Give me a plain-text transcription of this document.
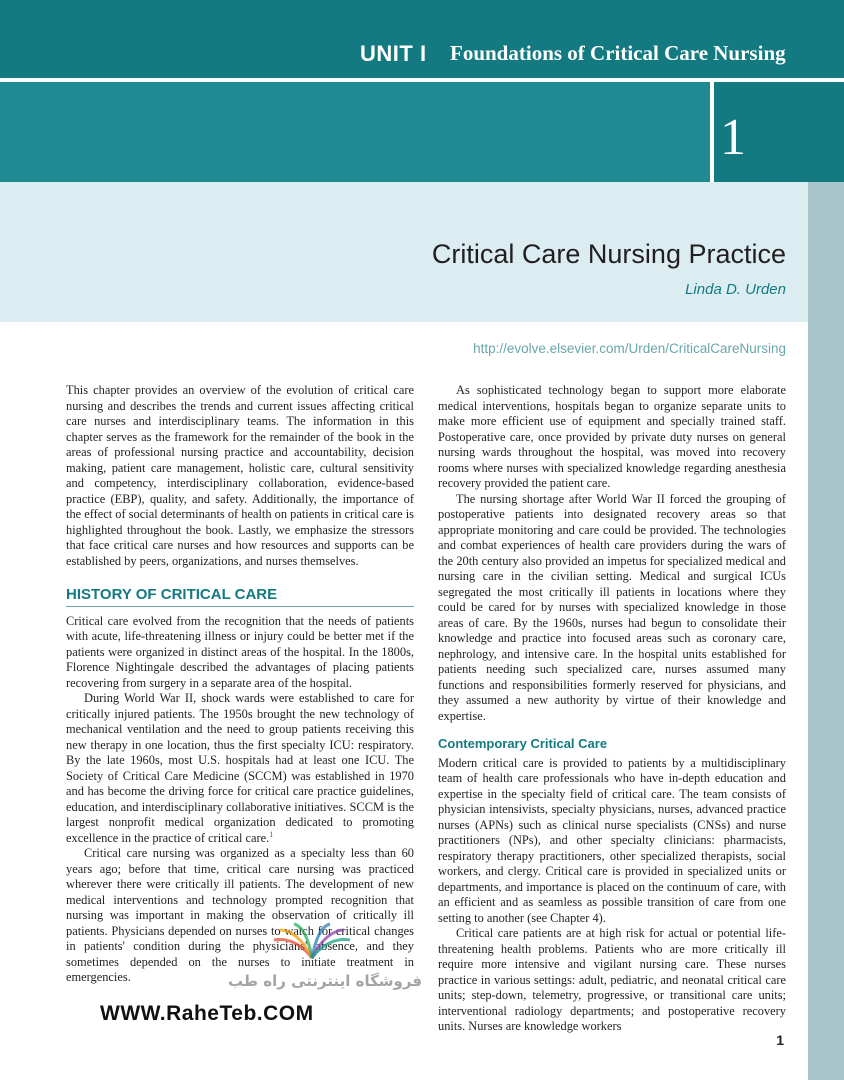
UNIT I Foundations of Critical Care Nursing
1
Critical Care Nursing Practice
Linda D. Urden
http://evolve.elsevier.com/Urden/CriticalCareNursing

This chapter provides an overview of the evolution of critical care nursing and describes the trends and current issues affecting critical care nurses and interdisciplinary teams. The information in this chapter serves as the framework for the remainder of the book in the areas of professional nursing practice and accountability, decision making, patient care management, holistic care, cultural sensitivity and competency, interdisciplinary collaboration, evidence-based practice (EBP), quality, and safety. Additionally, the importance of the effect of social determinants of health on patients in critical care is highlighted throughout the book. Lastly, we emphasize the stressors that face critical care nurses and how resources and supports can be established by peers, organizations, and nurses themselves.

HISTORY OF CRITICAL CARE

Critical care evolved from the recognition that the needs of patients with acute, life-threatening illness or injury could be better met if the patients were organized in distinct areas of the hospital. In the 1800s, Florence Nightingale described the advantages of placing patients recovering from surgery in a separate area of the hospital.

During World War II, shock wards were established to care for critically injured patients. The 1950s brought the new technology of mechanical ventilation and the need to group patients receiving this new therapy in one location, thus the first specialty ICU: respiratory. By the late 1960s, most U.S. hospitals had at least one ICU. The Society of Critical Care Medicine (SCCM) was established in 1970 and has become the driving force for critical care practice guidelines, education, and interdisciplinary collaborative initiatives. SCCM is the largest nonprofit medical organization dedicated to promoting excellence in the practice of critical care.$^1$

Critical care nursing was organized as a specialty less than 60 years ago; before that time, critical care nursing was practiced wherever there were critically ill patients. The development of new medical interventions and technology prompted recognition that nursing was important in making the observation of critically ill patients. Physicians depended on nurses to watch for critical changes in patients' condition during the physicians' absence, and they sometimes depended on the nurses to initiate treatment in emergencies.

As sophisticated technology began to support more elaborate medical interventions, hospitals began to organize separate units to make more efficient use of equipment and specially trained staff. Postoperative care, once provided by private duty nurses on general nursing wards throughout the hospital, was moved into recovery rooms where nurses with specialized knowledge regarding anesthesia recovery provided the patient care.

The nursing shortage after World War II forced the grouping of postoperative patients into designated recovery areas so that appropriate monitoring and care could be provided. The technologies and combat experiences of health care providers during the wars of the 20th century also provided an impetus for specialized medical and nursing care in the civilian setting. Medical and surgical ICUs segregated the most critically ill patients in locations where they could be cared for by nurses with specialized knowledge in those areas of care. By the 1960s, nurses had begun to consolidate their knowledge and practice into focused areas such as coronary care, nephrology, and intensive care. In the hospital units established for patients needing such specialized care, nurses assumed many functions and responsibilities formerly reserved for physicians, and they assumed a new authority by virtue of their knowledge and expertise.

Contemporary Critical Care

Modern critical care is provided to patients by a multidisciplinary team of health care professionals who have in-depth education and expertise in the specialty field of critical care. The team consists of physician intensivists, specialty physicians, nurses, advanced practice nurses (APNs) such as clinical nurse specialists (CNSs) and nurse practitioners (NPs), and other specialty clinicians: pharmacists, respiratory therapy practitioners, other specialized therapists, social workers, and clergy. Critical care is provided in specialized units or departments, and importance is placed on the continuum of care, with an efficient and as seamless as possible transition of care from one setting to another (see Chapter 4).

Critical care patients are at high risk for actual or potential life-threatening health problems. Patients who are more critically ill require more intensive and vigilant nursing care. These nurses practice in various settings: adult, pediatric, and neonatal critical care units; step-down, telemetry, progressive, or transitional care units; interventional radiology departments; and postoperative recovery units. Nurses are knowledge workers

فروشگاه اینترنتی راه طب
WWW.RaheTeb.COM
1
